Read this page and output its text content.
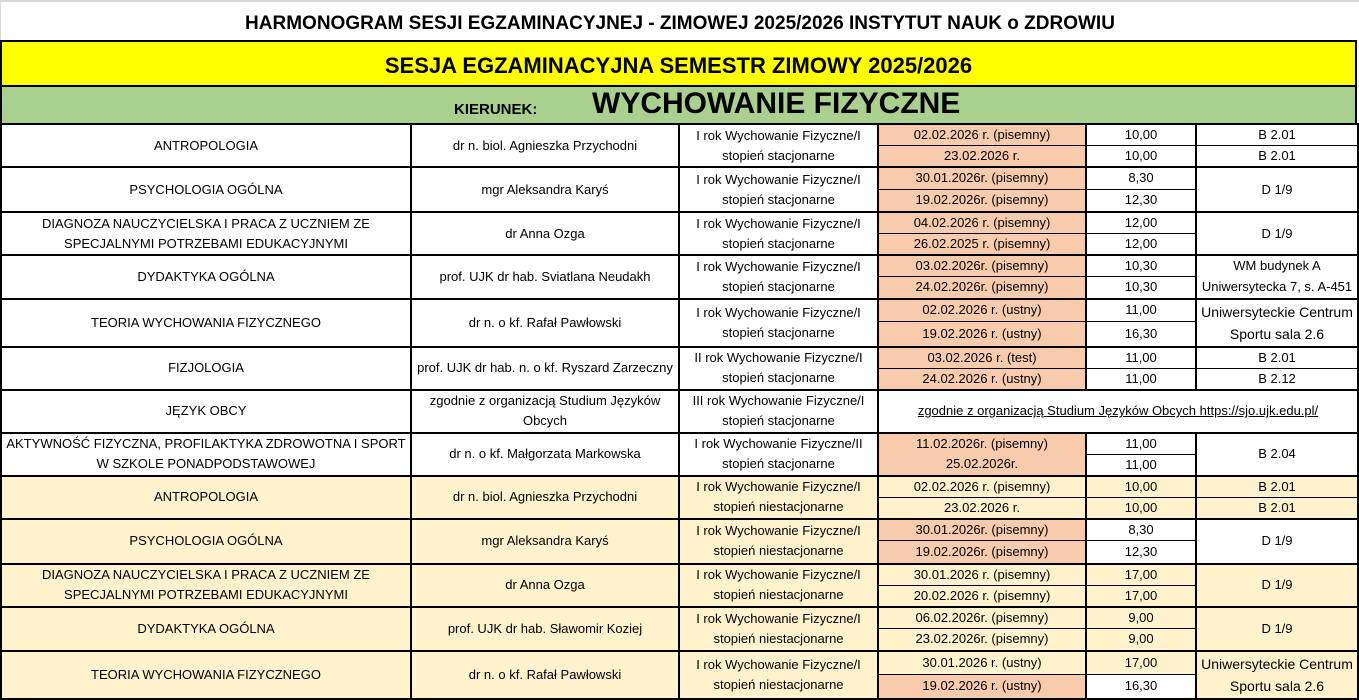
HARMONOGRAM SESJI EGZAMINACYJNEJ - ZIMOWEJ 2025/2026 INSTYTUT NAUK o ZDROWIU
SESJA EGZAMINACYJNA SEMESTR ZIMOWY 2025/2026
KIERUNEK: WYCHOWANIE FIZYCZNE
ANTROPOLOGIA	dr n. biol. Agnieszka Przychodni	I rok Wychowanie Fizyczne/I stopień stacjonarne	02.02.2026 r. (pisemny)	10,00	B 2.01
			23.02.2026 r.	10,00	B 2.01
PSYCHOLOGIA OGÓLNA	mgr Aleksandra Karyś	I rok Wychowanie Fizyczne/I stopień stacjonarne	30.01.2026r. (pisemny)	8,30	D 1/9
			19.02.2026r. (pisemny)	12,30	
DIAGNOZA NAUCZYCIELSKA I PRACA Z UCZNIEM ZE SPECJALNYMI POTRZEBAMI EDUKACYJNYMI	dr Anna Ozga	I rok Wychowanie Fizyczne/I stopień stacjonarne	04.02.2026 r. (pisemny)	12,00	D 1/9
			26.02.2025 r. (pisemny)	12,00	
DYDAKTYKA OGÓLNA	prof. UJK dr hab. Sviatlana Neudakh	I rok Wychowanie Fizyczne/I stopień stacjonarne	03.02.2026r. (pisemny)	10,30	WM budynek A
			24.02.2026r. (pisemny)	10,30	Uniwersytecka 7, s. A-451
TEORIA WYCHOWANIA FIZYCZNEGO	dr n. o kf. Rafał Pawłowski	I rok Wychowanie Fizyczne/I stopień stacjonarne	02.02.2026 r. (ustny)	11,00	Uniwersyteckie Centrum Sportu sala 2.6
			19.02.2026 r. (ustny)	16,30	
FIZJOLOGIA	prof. UJK dr hab. n. o kf. Ryszard Zarzeczny	II rok Wychowanie Fizyczne/I stopień stacjonarne	03.02.2026 r. (test)	11,00	B 2.01
			24.02.2026 r. (ustny)	11,00	B 2.12
JĘZYK OBCY	zgodnie z organizacją Studium Języków Obcych	III rok Wychowanie Fizyczne/I stopień stacjonarne	zgodnie z organizacją Studium Języków Obcych https://sjo.ujk.edu.pl/		
AKTYWNOŚĆ FIZYCZNA, PROFILAKTYKA ZDROWOTNA I SPORT W SZKOLE PONADPODSTAWOWEJ	dr n. o kf. Małgorzata Markowska	I rok Wychowanie Fizyczne/II stopień stacjonarne	11.02.2026r. (pisemny)	11,00	B 2.04
			25.02.2026r.	11,00	
ANTROPOLOGIA	dr n. biol. Agnieszka Przychodni	I rok Wychowanie Fizyczne/I stopień niestacjonarne	02.02.2026 r. (pisemny)	10,00	B 2.01
			23.02.2026 r.	10,00	B 2.01
PSYCHOLOGIA OGÓLNA	mgr Aleksandra Karyś	I rok Wychowanie Fizyczne/I stopień niestacjonarne	30.01.2026r. (pisemny)	8,30	D 1/9
			19.02.2026r. (pisemny)	12,30	
DIAGNOZA NAUCZYCIELSKA I PRACA Z UCZNIEM ZE SPECJALNYMI POTRZEBAMI EDUKACYJNYMI	dr Anna Ozga	I rok Wychowanie Fizyczne/I stopień niestacjonarne	30.01.2026 r. (pisemny)	17,00	D 1/9
			20.02.2026 r. (pisemny)	17,00	
DYDAKTYKA OGÓLNA	prof. UJK dr hab. Sławomir Koziej	I rok Wychowanie Fizyczne/I stopień niestacjonarne	06.02.2026r. (pisemny)	9,00	D 1/9
			23.02.2026r. (pisemny)	9,00	
TEORIA WYCHOWANIA FIZYCZNEGO	dr n. o kf. Rafał Pawłowski	I rok Wychowanie Fizyczne/I stopień niestacjonarne	30.01.2026 r. (ustny)	17,00	Uniwersyteckie Centrum Sportu sala 2.6
			19.02.2026 r. (ustny)	16,30	
